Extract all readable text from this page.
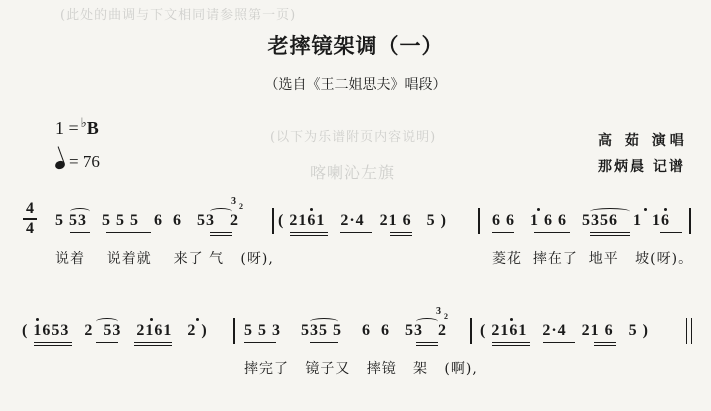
(此处的曲调与下文相同请参照第一页)
喀喇沁左旗
(以下为乐谱附页内容说明)
老摔镜架调（一）
（选自《王二姐思夫》唱段）
1 = ♭B
= 76
高 茹 演唱
那炳晨 记谱
4
4 5 53   5 5 5   6  6   53   2
3 2
( 2161   2·4   21 6   5 )	6 6   1 6 6   5356   1  16
说着    说着就    来了 气   (呀),	菱花  摔在了  地平   坡(呀)。
( 1653   2  53   2161   2 ) 5 5 3    535 5    6  6   53   2
3 2
( 2161   2·4   21 6   5 )
摔完了   镜子又   摔镜   架   (啊),
